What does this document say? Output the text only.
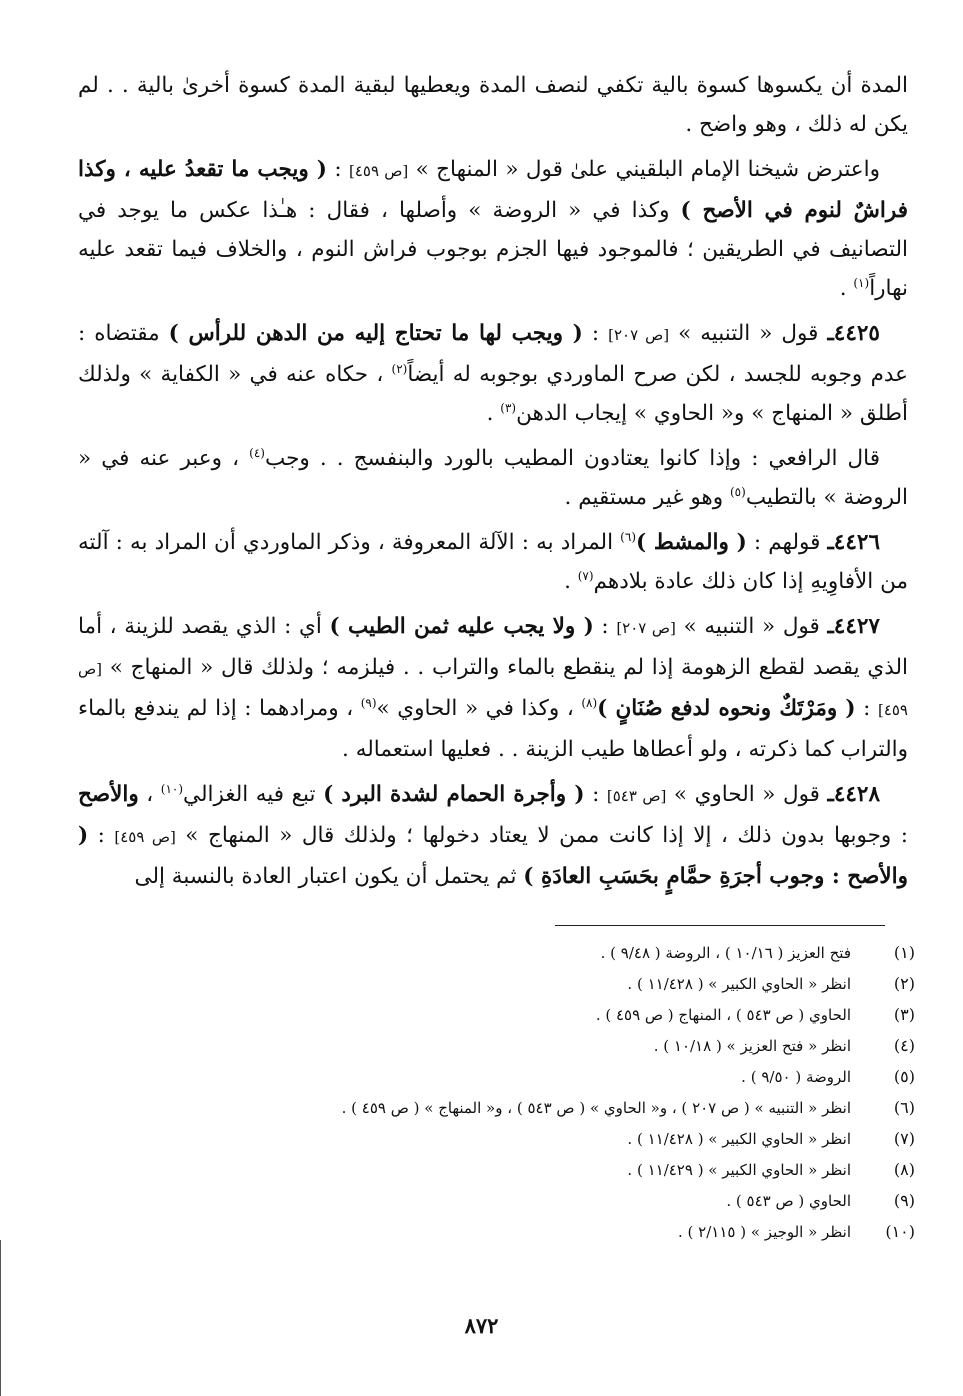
المدة أن يكسوها كسوة بالية تكفي لنصف المدة ويعطيها لبقية المدة كسوة أخرىٰ بالية . . لم يكن له ذلك ، وهو واضح .

واعترض شيخنا الإمام البلقيني علىٰ قول « المنهاج » [ص ٤٥٩] : ( ويجب ما تقعدُ عليه ، وكذا فراشٌ لنوم في الأصح ) وكذا في « الروضة » وأصلها ، فقال : هـٰذا عكس ما يوجد في التصانيف في الطريقين ؛ فالموجود فيها الجزم بوجوب فراش النوم ، والخلاف فيما تقعد عليه نهاراً$^{(١)}$ .

٤٤٢٥ـ قول « التنبيه » [ص ٢٠٧] : ( ويجب لها ما تحتاج إليه من الدهن للرأس ) مقتضاه : عدم وجوبه للجسد ، لكن صرح الماوردي بوجوبه له أيضاً$^{(٢)}$ ، حكاه عنه في « الكفاية » ولذلك أطلق « المنهاج » و« الحاوي » إيجاب الدهن$^{(٣)}$ .

قال الرافعي : وإذا كانوا يعتادون المطيب بالورد والبنفسج . . وجب$^{(٤)}$ ، وعبر عنه في « الروضة » بالتطيب$^{(٥)}$ وهو غير مستقيم .

٤٤٢٦ـ قولهم : ( والمشط )$^{(٦)}$ المراد به : الآلة المعروفة ، وذكر الماوردي أن المراد به : آلته من الأفاوِيهِ إذا كان ذلك عادة بلادهم$^{(٧)}$ .

٤٤٢٧ـ قول « التنبيه » [ص ٢٠٧] : ( ولا يجب عليه ثمن الطيب ) أي : الذي يقصد للزينة ، أما الذي يقصد لقطع الزهومة إذا لم ينقطع بالماء والتراب . . فيلزمه ؛ ولذلك قال « المنهاج » [ص ٤٥٩] : ( ومَرْتَكٌ ونحوه لدفع صُنَانٍ )$^{(٨)}$ ، وكذا في « الحاوي »$^{(٩)}$ ، ومرادهما : إذا لم يندفع بالماء والتراب كما ذكرته ، ولو أعطاها طيب الزينة . . فعليها استعماله .

٤٤٢٨ـ قول « الحاوي » [ص ٥٤٣] : ( وأجرة الحمام لشدة البرد ) تبع فيه الغزالي$^{(١٠)}$ ، والأصح : وجوبها بدون ذلك ، إلا إذا كانت ممن لا يعتاد دخولها ؛ ولذلك قال « المنهاج » [ص ٤٥٩] : ( والأصح : وجوب أجرَةِ حمَّامٍ بحَسَبِ العادَةِ ) ثم يحتمل أن يكون اعتبار العادة بالنسبة إلى

(١)
فتح العزيز ( ١٠/١٦ ) ، الروضة ( ٩/٤٨ ) .
(٢)
انظر « الحاوي الكبير » ( ١١/٤٢٨ ) .
(٣)
الحاوي ( ص ٥٤٣ ) ، المنهاج ( ص ٤٥٩ ) .
(٤)
انظر « فتح العزيز » ( ١٠/١٨ ) .
(٥)
الروضة ( ٩/٥٠ ) .
(٦)
انظر « التنبيه » ( ص ٢٠٧ ) ، و« الحاوي » ( ص ٥٤٣ ) ، و« المنهاج » ( ص ٤٥٩ ) .
(٧)
انظر « الحاوي الكبير » ( ١١/٤٢٨ ) .
(٨)
انظر « الحاوي الكبير » ( ١١/٤٢٩ ) .
(٩)
الحاوي ( ص ٥٤٣ ) .
(١٠)
انظر « الوجيز » ( ٢/١١٥ ) .
٨٧٢
